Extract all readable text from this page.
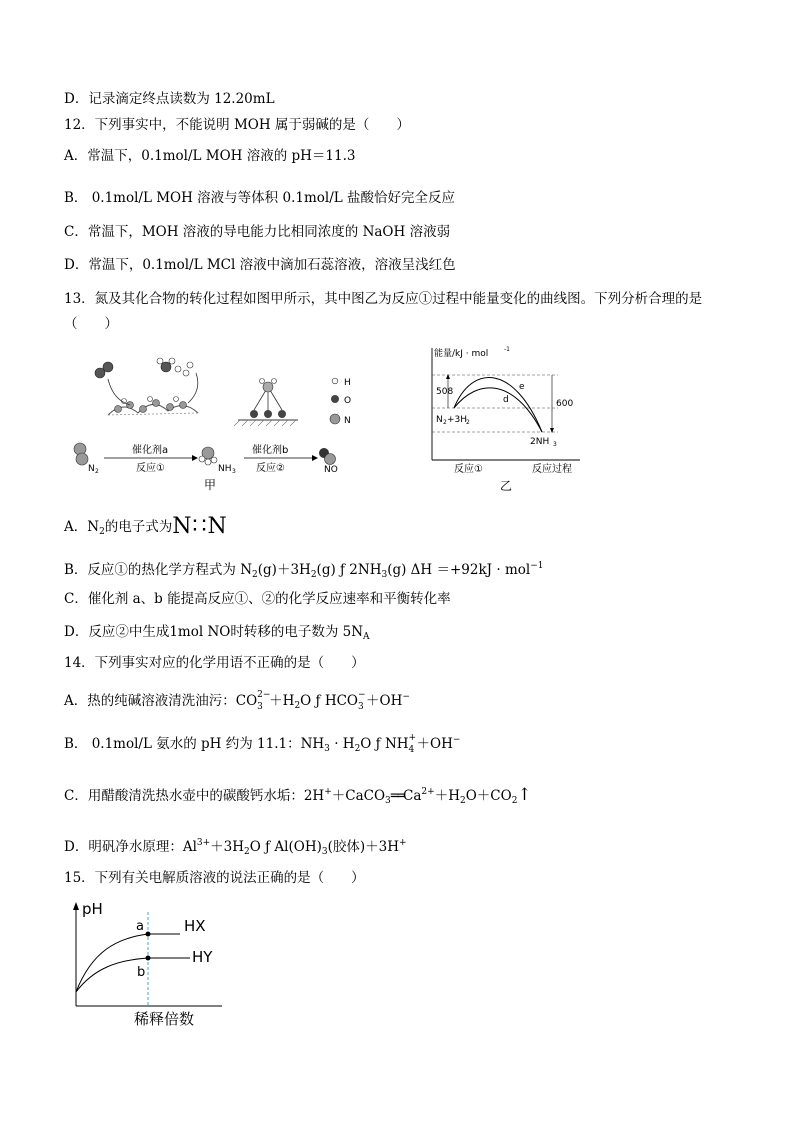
D．记录滴定终点读数为 12.20mL
12．下列事实中，不能说明 MOH 属于弱碱的是（　　）
A．常温下，0.1mol/L MOH 溶液的 pH＝11.3
B． 0.1mol/L MOH 溶液与等体积 0.1mol/L 盐酸恰好完全反应
C．常温下，MOH 溶液的导电能力比相同浓度的 NaOH 溶液弱
D．常温下，0.1mol/L MCl 溶液中滴加石蕊溶液，溶液呈浅红色
13．氮及其化合物的转化过程如图甲所示，其中图乙为反应①过程中能量变化的曲线图。下列分析合理的是
（　　）
H
O
N
N 2
催化剂a
反应①	NH 3
催化剂b
反应②	NO
甲
能量/kJ · mol	-1
508
600
e
d
N 2 +3H
2
2NH 3
反应①	反应过程
乙
A．$N_2$的电子式为N∷N
B．反应①的热化学方程式为 $N_2(g)+3H_2(g)$ ƒ $2NH_3(g)$ ΔH ＝+92kJ · mol$^{-1}$
C．催化剂 a、b 能提高反应①、②的化学反应速率和平衡转化率
D．反应②中生成1mol NO时转移的电子数为 $5N_A$
14．下列事实对应的化学用语不正确的是（　　）
A．热的纯碱溶液清洗油污：CO 2−
$3 +H_2O$ ƒ HCO −
3 ＋OH−
B． 0.1mol/L 氨水的 pH 约为 11.1：$NH_3 \cdot H_2O$ ƒ NH +
4 ＋OH−
C．用醋酸清洗热水壶中的碳酸钙水垢：$2H^++CaCO_3══Ca^{2+}+H_2O+CO_2↑$
D．明矾净水原理：$Al^{3+}+3H_2O$ ƒ $Al(OH)_3$(胶体)＋3H+
15．下列有关电解质溶液的说法正确的是（　　）
pH
HX
HY
a
b
稀释倍数
